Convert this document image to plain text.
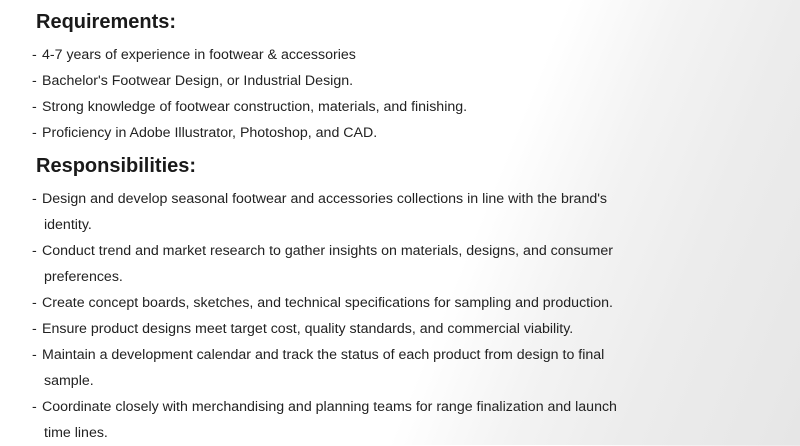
Requirements:
- 4-7 years of experience in footwear & accessories
- Bachelor's Footwear Design, or Industrial Design.
- Strong knowledge of footwear construction, materials, and finishing.
- Proficiency in Adobe Illustrator, Photoshop, and CAD.
Responsibilities:
- Design and develop seasonal footwear and accessories collections in line with the brand's
identity.
- Conduct trend and market research to gather insights on materials, designs, and consumer
preferences.
- Create concept boards, sketches, and technical specifications for sampling and production.
- Ensure product designs meet target cost, quality standards, and commercial viability.
- Maintain a development calendar and track the status of each product from design to final
sample.
- Coordinate closely with merchandising and planning teams for range finalization and launch
time lines.
